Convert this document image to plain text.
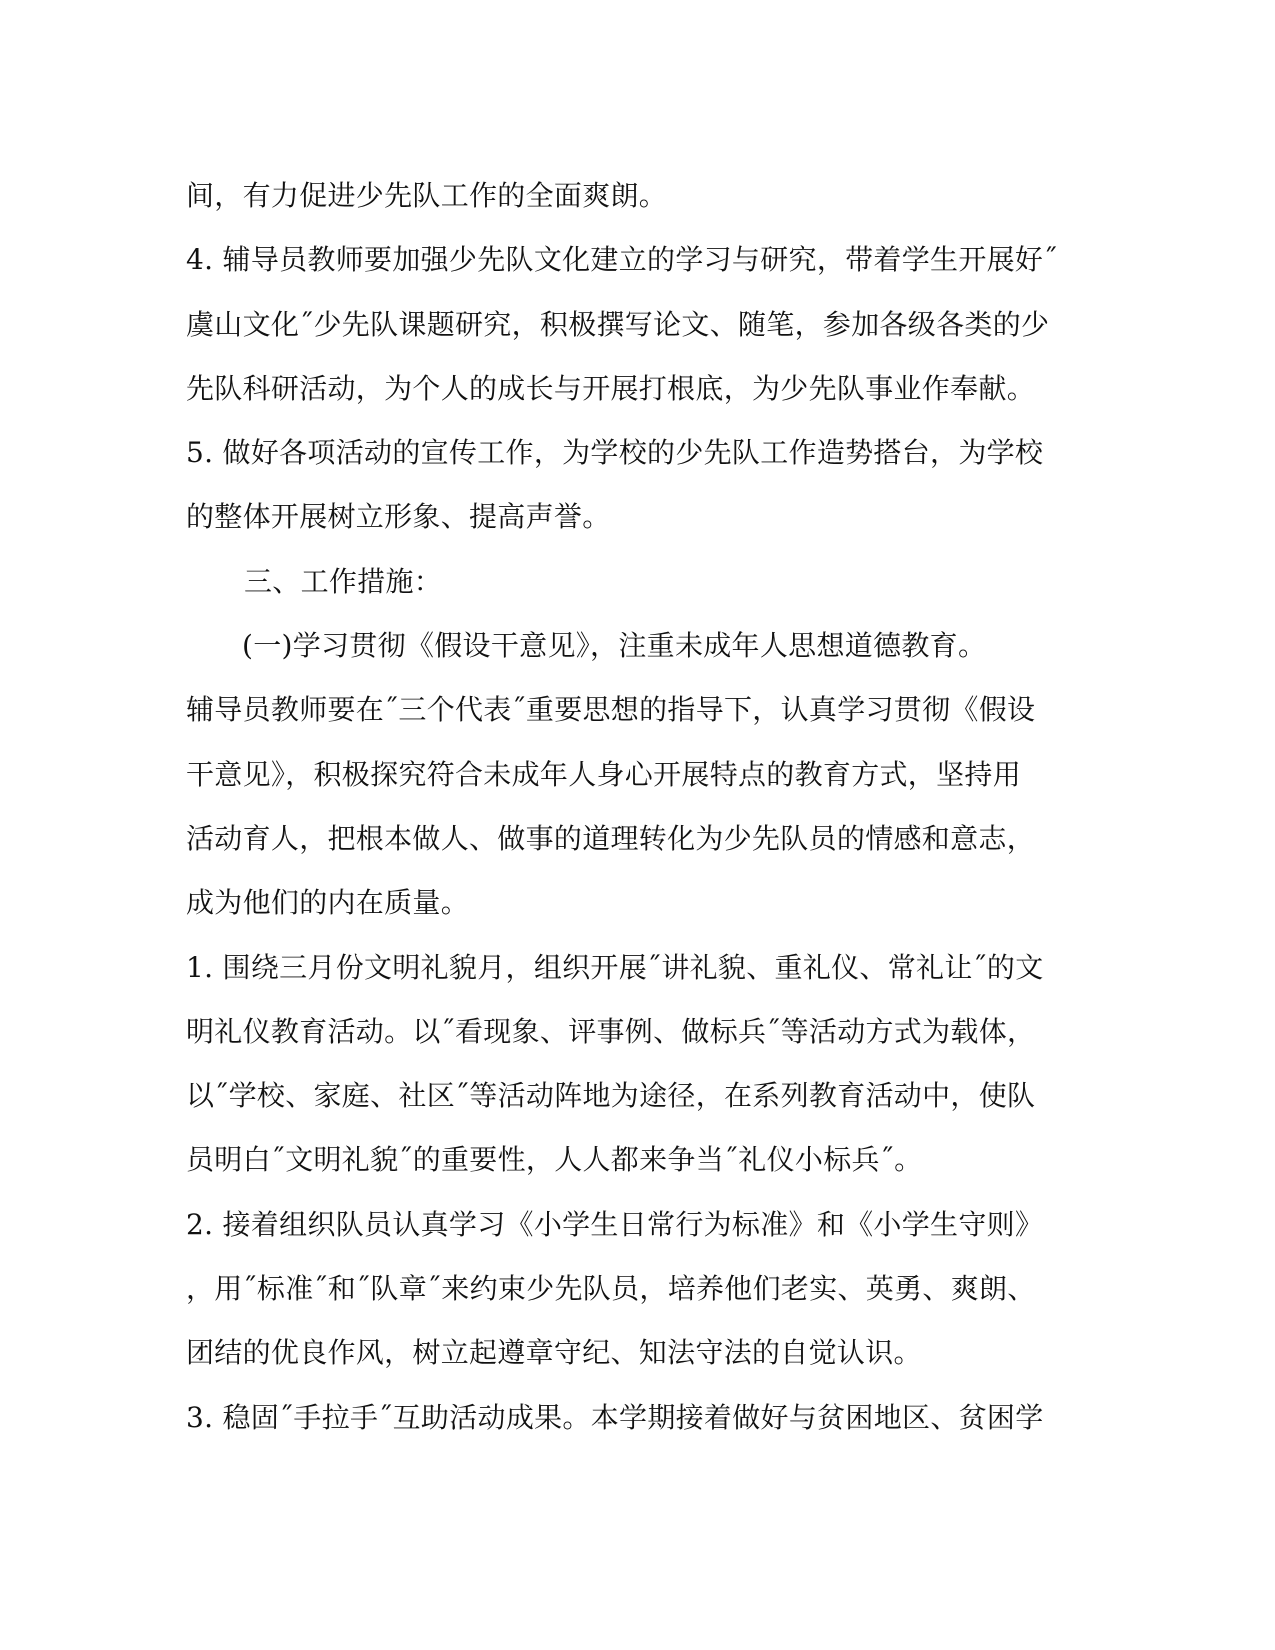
间，有力促进少先队工作的全面爽朗。
4. 辅导员教师要加强少先队文化建立的学习与研究，带着学生开展好˝
虞山文化˝少先队课题研究，积极撰写论文、随笔，参加各级各类的少
先队科研活动，为个人的成长与开展打根底，为少先队事业作奉献。
5. 做好各项活动的宣传工作，为学校的少先队工作造势搭台，为学校
的整体开展树立形象、提高声誉。
三、工作措施：
(一)学习贯彻《假设干意见》，注重未成年人思想道德教育。
辅导员教师要在˝三个代表˝重要思想的指导下，认真学习贯彻《假设
干意见》，积极探究符合未成年人身心开展特点的教育方式，坚持用
活动育人，把根本做人、做事的道理转化为少先队员的情感和意志，
成为他们的内在质量。
1. 围绕三月份文明礼貌月，组织开展˝讲礼貌、重礼仪、常礼让˝的文
明礼仪教育活动。以˝看现象、评事例、做标兵˝等活动方式为载体，
以˝学校、家庭、社区˝等活动阵地为途径，在系列教育活动中，使队
员明白˝文明礼貌˝的重要性，人人都来争当˝礼仪小标兵˝。
2. 接着组织队员认真学习《小学生日常行为标准》和《小学生守则》
，用˝标准˝和˝队章˝来约束少先队员，培养他们老实、英勇、爽朗、
团结的优良作风，树立起遵章守纪、知法守法的自觉认识。
3. 稳固˝手拉手˝互助活动成果。本学期接着做好与贫困地区、贫困学
